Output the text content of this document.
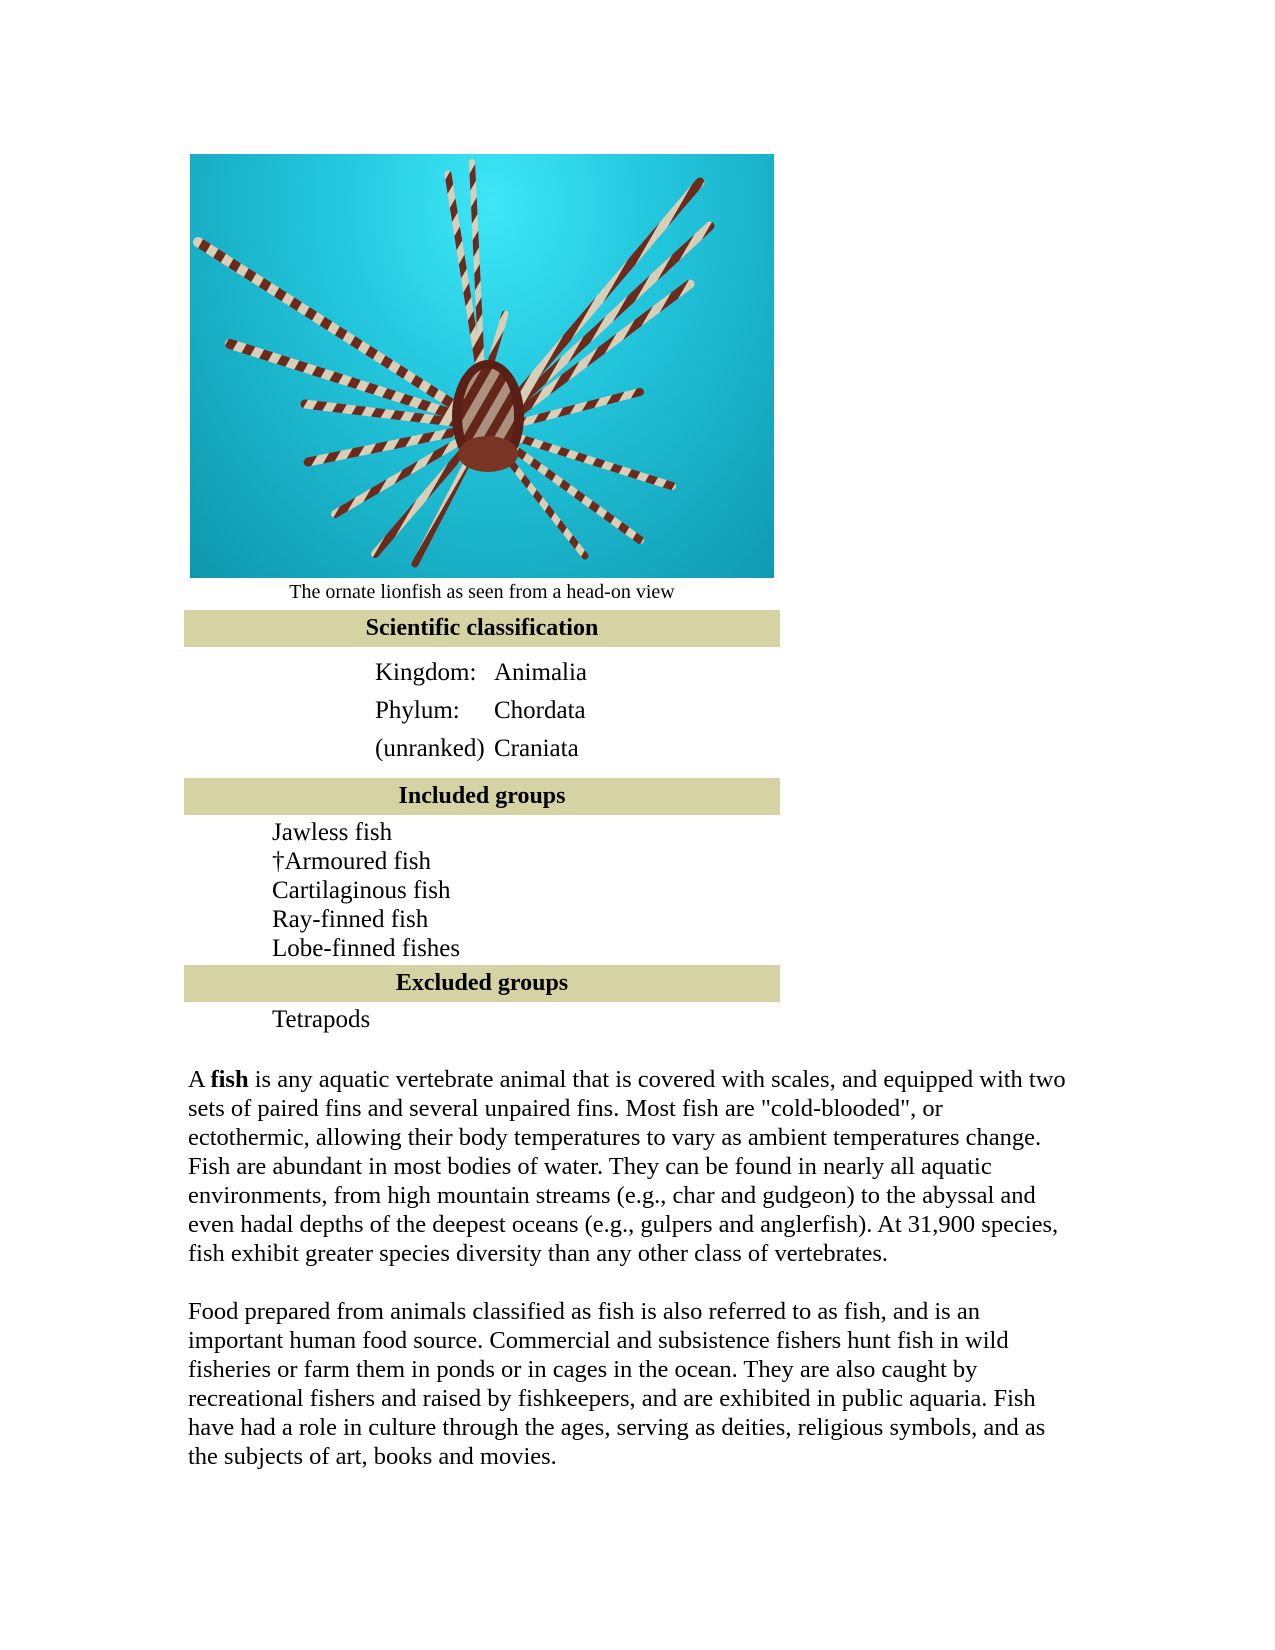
The ornate lionfish as seen from a head-on view
Scientific classification
Kingdom: Animalia
Phylum:	Chordata
(unranked) Craniata
Included groups
Jawless fish
†Armoured fish
Cartilaginous fish
Ray-finned fish
Lobe-finned fishes
Excluded groups
Tetrapods

A fish is any aquatic vertebrate animal that is covered with scales, and equipped with two
sets of paired fins and several unpaired fins. Most fish are "cold-blooded", or
ectothermic, allowing their body temperatures to vary as ambient temperatures change.
Fish are abundant in most bodies of water. They can be found in nearly all aquatic
environments, from high mountain streams (e.g., char and gudgeon) to the abyssal and
even hadal depths of the deepest oceans (e.g., gulpers and anglerfish). At 31,900 species,
fish exhibit greater species diversity than any other class of vertebrates.

Food prepared from animals classified as fish is also referred to as fish, and is an
important human food source. Commercial and subsistence fishers hunt fish in wild
fisheries or farm them in ponds or in cages in the ocean. They are also caught by
recreational fishers and raised by fishkeepers, and are exhibited in public aquaria. Fish
have had a role in culture through the ages, serving as deities, religious symbols, and as
the subjects of art, books and movies.
